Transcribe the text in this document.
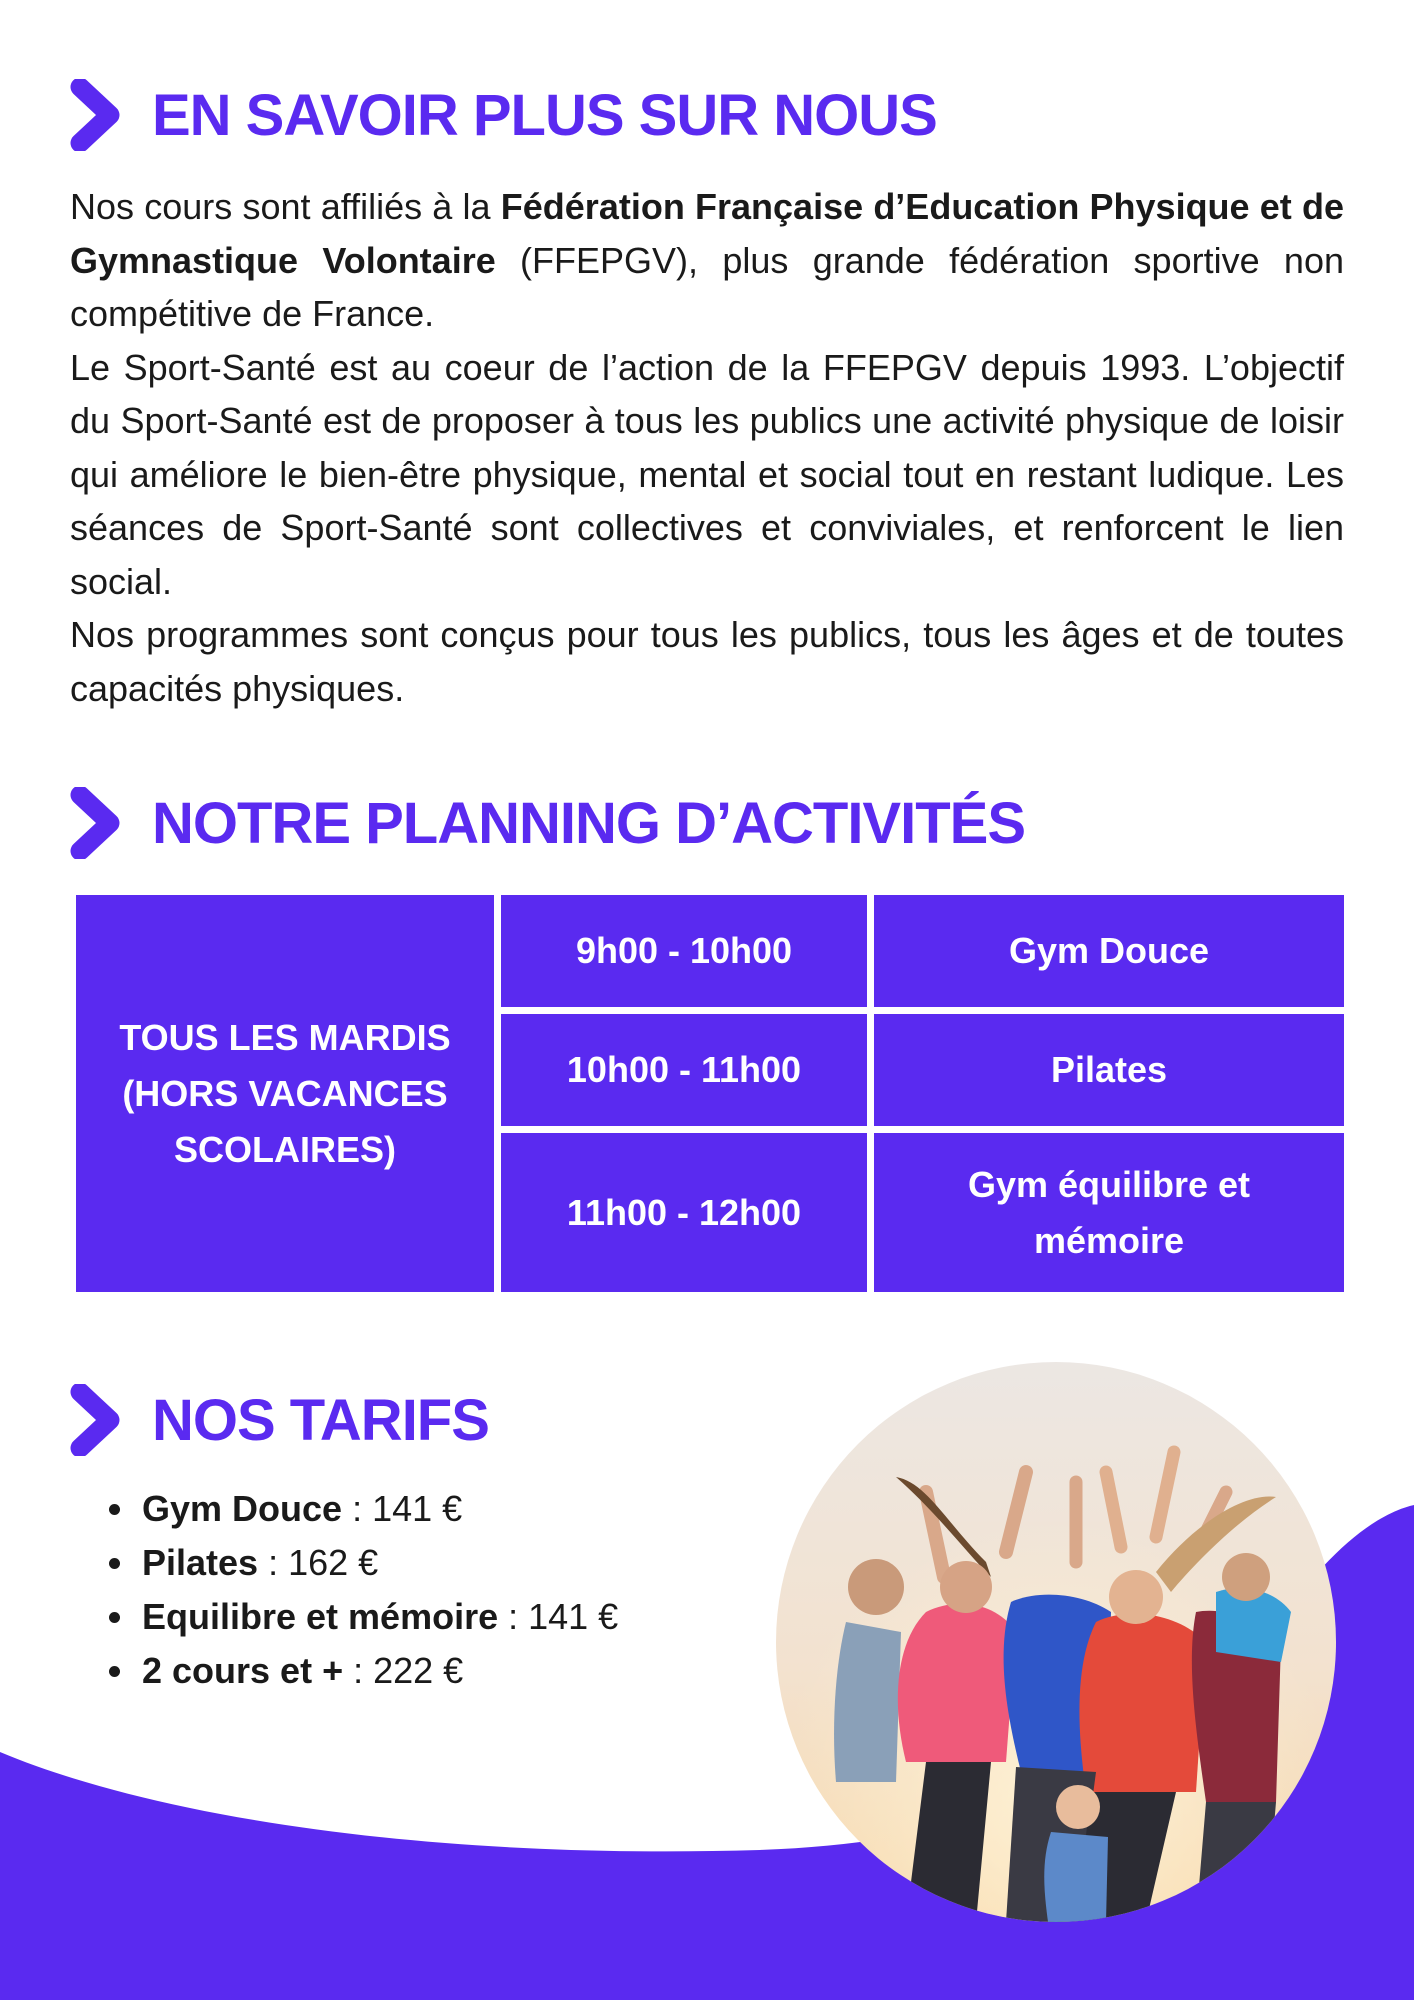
EN SAVOIR PLUS SUR NOUS

Nos cours sont affiliés à la Fédération Française d’Education Physique et de Gymnastique Volontaire (FFEPGV), plus grande fédération sportive non compétitive de France.

Le Sport-Santé est au coeur de l’action de la FFEPGV depuis 1993. L’objectif du Sport-Santé est de proposer à tous les publics une activité physique de loisir qui améliore le bien-être physique, mental et social tout en restant ludique. Les séances de Sport-Santé sont collectives et conviviales, et renforcent le lien social.

Nos programmes sont conçus pour tous les publics, tous les âges et de toutes capacités physiques.

NOTRE PLANNING D’ACTIVITÉS
TOUS LES MARDIS
(HORS VACANCES
SCOLAIRES)
9h00 - 10h00	Gym Douce
10h00 - 11h00	Pilates
11h00 - 12h00
Gym équilibre et
mémoire
NOS TARIFS
• Gym Douce : 141 €
• Pilates : 162 €
• Equilibre et mémoire : 141 €
• 2 cours et + : 222 €
